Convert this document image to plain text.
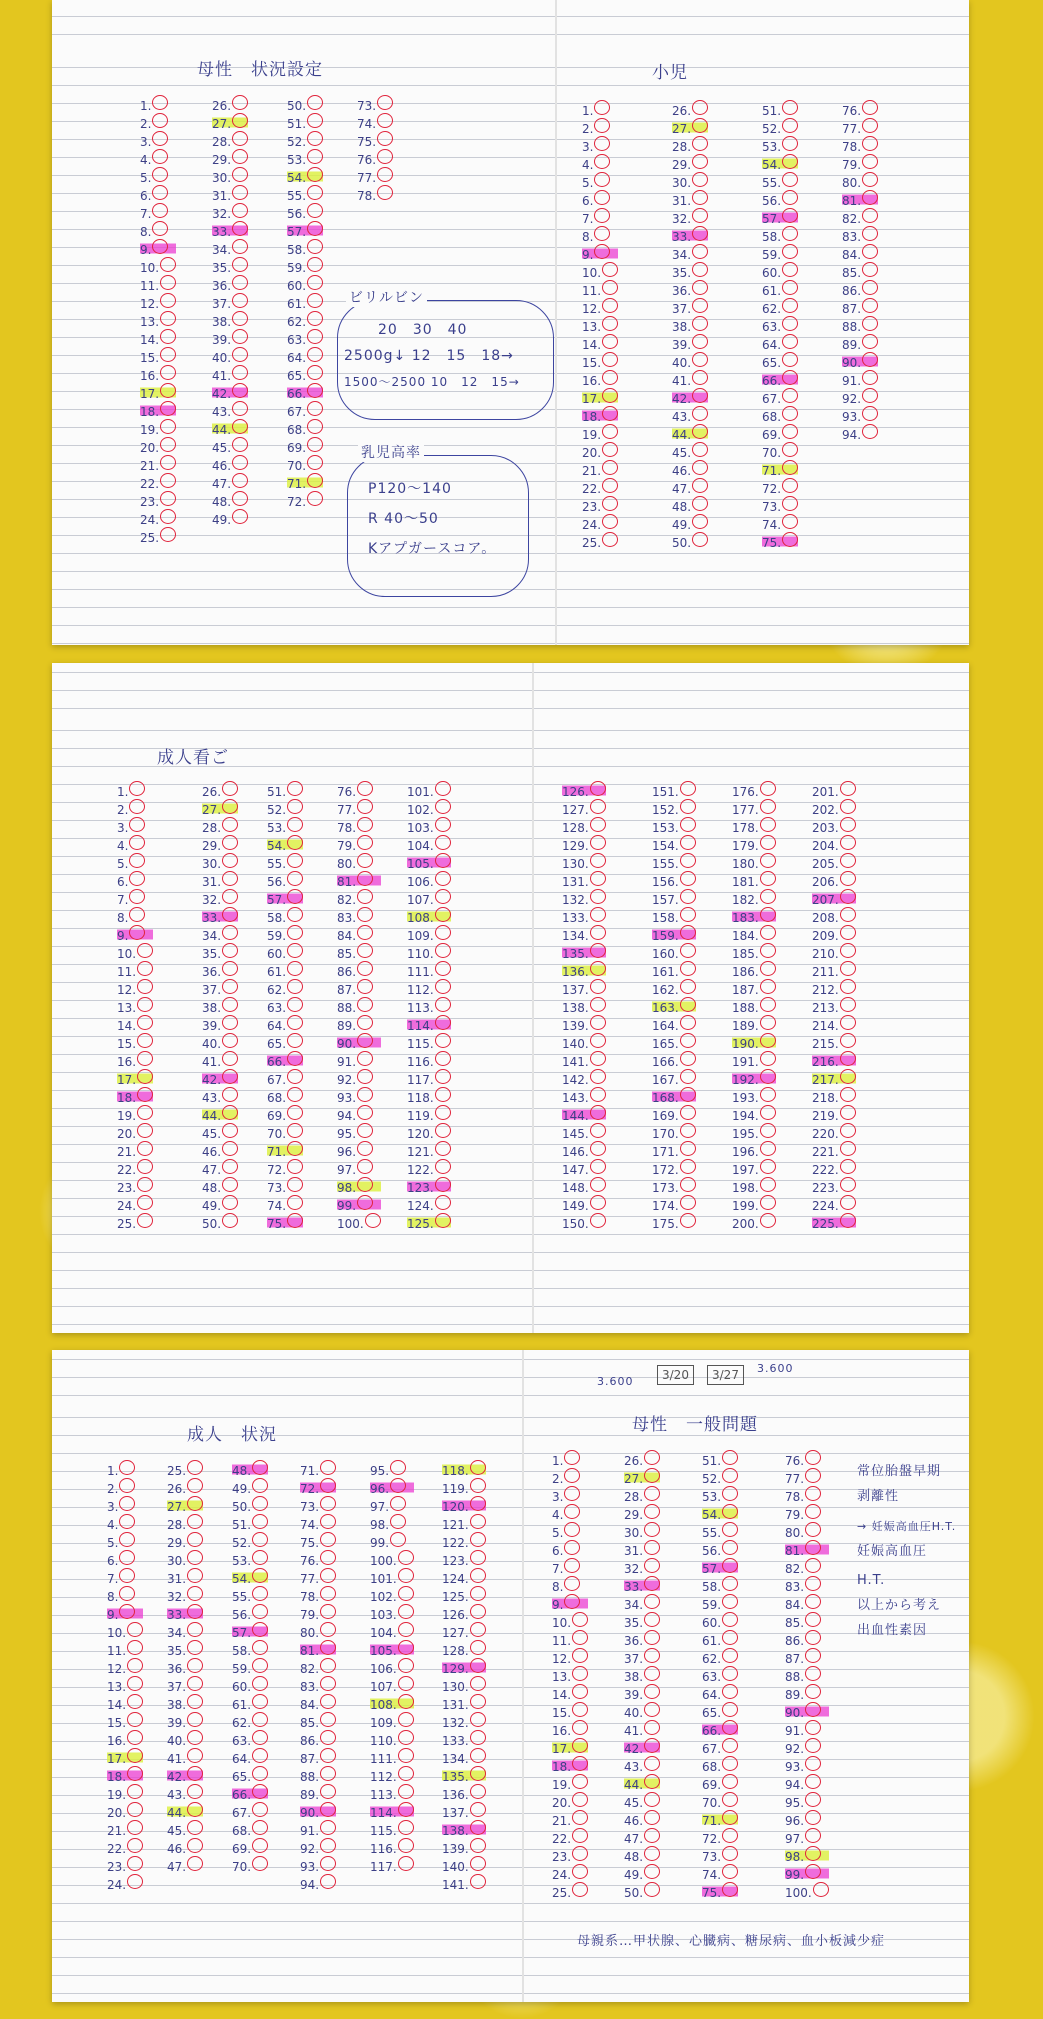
母性　状況設定	小児
1.
2.
3.
4.
5.
6.
7.
8.
9.
10.
11.
12.
13.
14.
15.
16.
17.
18.
19.
20.
21.
22.
23.
24.
25.
26.
27.
28.
29.
30.
31.
32.
33.
34.
35.
36.
37.
38.
39.
40.
41.
42.
43.
44.
45.
46.
47.
48.
49.
50.
51.
52.
53.
54.
55.
56.
57.
58.
59.
60.
61.
62.
63.
64.
65.
66.
67.
68.
69.
70.
71.
72.
73.
74.
75.
76.
77.
78.
ビリルビン
　　20　30　40
2500g↓ 12　15　18→
1500〜2500 10　12　15→
乳児高率
P120〜140
R 40〜50
Kアプガースコア。
1.
2.
3.
4.
5.
6.
7.
8.
9.
10.
11.
12.
13.
14.
15.
16.
17.
18.
19.
20.
21.
22.
23.
24.
25.
26.
27.
28.
29.
30.
31.
32.
33.
34.
35.
36.
37.
38.
39.
40.
41.
42.
43.
44.
45.
46.
47.
48.
49.
50.
51.
52.
53.
54.
55.
56.
57.
58.
59.
60.
61.
62.
63.
64.
65.
66.
67.
68.
69.
70.
71.
72.
73.
74.
75.
76.
77.
78.
79.
80.
81.
82.
83.
84.
85.
86.
87.
88.
89.
90.
91.
92.
93.
94.
成人看ご
1.
2.
3.
4.
5.
6.
7.
8.
9.
10.
11.
12.
13.
14.
15.
16.
17.
18.
19.
20.
21.
22.
23.
24.
25.
26.
27.
28.
29.
30.
31.
32.
33.
34.
35.
36.
37.
38.
39.
40.
41.
42.
43.
44.
45.
46.
47.
48.
49.
50.
51.
52.
53.
54.
55.
56.
57.
58.
59.
60.
61.
62.
63.
64.
65.
66.
67.
68.
69.
70.
71.
72.
73.
74.
75.
76.
77.
78.
79.
80.
81.
82.
83.
84.
85.
86.
87.
88.
89.
90.
91.
92.
93.
94.
95.
96.
97.
98.
99.
100.
101.
102.
103.
104.
105.
106.
107.
108.
109.
110.
111.
112.
113.
114.
115.
116.
117.
118.
119.
120.
121.
122.
123.
124.
125.
126.
127.
128.
129.
130.
131.
132.
133.
134.
135.
136.
137.
138.
139.
140.
141.
142.
143.
144.
145.
146.
147.
148.
149.
150.
151.
152.
153.
154.
155.
156.
157.
158.
159.
160.
161.
162.
163.
164.
165.
166.
167.
168.
169.
170.
171.
172.
173.
174.
175.
176.
177.
178.
179.
180.
181.
182.
183.
184.
185.
186.
187.
188.
189.
190.
191.
192.
193.
194.
195.
196.
197.
198.
199.
200.
201.
202.
203.
204.
205.
206.
207.
208.
209.
210.
211.
212.
213.
214.
215.
216.
217.
218.
219.
220.
221.
222.
223.
224.
225.
成人　状況	母性　一般問題
3.600	3/20	3/27	3.600
1.
2.
3.
4.
5.
6.
7.
8.
9.
10.
11.
12.
13.
14.
15.
16.
17.
18.
19.
20.
21.
22.
23.
24.
25.
26.
27.
28.
29.
30.
31.
32.
33.
34.
35.
36.
37.
38.
39.
40.
41.
42.
43.
44.
45.
46.
47.
48.
49.
50.
51.
52.
53.
54.
55.
56.
57.
58.
59.
60.
61.
62.
63.
64.
65.
66.
67.
68.
69.
70.
71.
72.
73.
74.
75.
76.
77.
78.
79.
80.
81.
82.
83.
84.
85.
86.
87.
88.
89.
90.
91.
92.
93.
94.
95.
96.
97.
98.
99.
100.
101.
102.
103.
104.
105.
106.
107.
108.
109.
110.
111.
112.
113.
114.
115.
116.
117.
118.
119.
120.
121.
122.
123.
124.
125.
126.
127.
128.
129.
130.
131.
132.
133.
134.
135.
136.
137.
138.
139.
140.
141.
1.
2.
3.
4.
5.
6.
7.
8.
9.
10.
11.
12.
13.
14.
15.
16.
17.
18.
19.
20.
21.
22.
23.
24.
25.
26.
27.
28.
29.
30.
31.
32.
33.
34.
35.
36.
37.
38.
39.
40.
41.
42.
43.
44.
45.
46.
47.
48.
49.
50.
51.
52.
53.
54.
55.
56.
57.
58.
59.
60.
61.
62.
63.
64.
65.
66.
67.
68.
69.
70.
71.
72.
73.
74.
75.
76.
77.
78.
79.
80.
81.
82.
83.
84.
85.
86.
87.
88.
89.
90.
91.
92.
93.
94.
95.
96.
97.
98.
99.
100.
常位胎盤早期
剥離性
→ 妊娠高血圧H.T.
妊娠高血圧
H.T.
以上から考え
出血性素因
母親系…甲状腺、心臓病、糖尿病、血小板減少症
